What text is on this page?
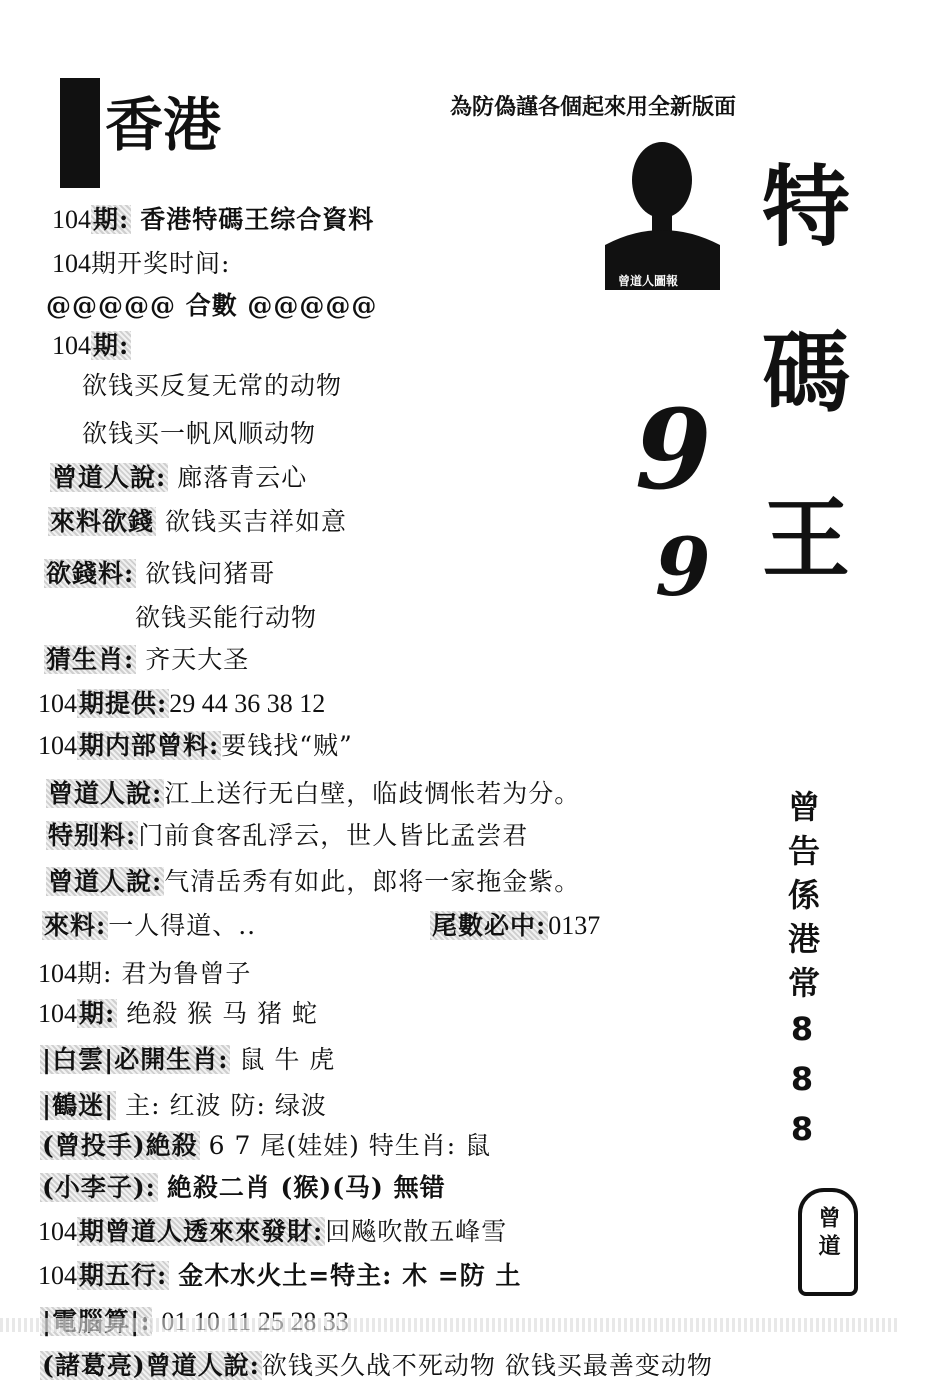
香港	為防偽謹各個起來用全新版面
曾道人圖報
9
9 特碼王
曾告係港常888
曾道
104期: 香港特碼王综合資料
104期开奖时间:
@@@@@ 合數 @@@@@
104期:
欲钱买反复无常的动物
欲钱买一帆风顺动物
曾道人說: 廊落青云心
來料欲錢 欲钱买吉祥如意
欲錢料: 欲钱问猪哥
欲钱买能行动物
猜生肖: 齐天大圣
104期提供:29 44 36 38 12
104期内部曾料:要钱找“贼”
曾道人說:江上送行无白壁，临歧惆怅若为分。
特别料:门前食客乱浮云，世人皆比孟尝君
曾道人說:气清岳秀有如此，郎将一家拖金紫。
來料:一人得道、..	尾數必中:0137
104期: 君为鲁曾子
104期: 绝殺 猴 马 猪 蛇
|白雲|必開生肖: 鼠 牛 虎
|鶴迷| 主: 红波 防: 绿波
(曾投手)絶殺 6 7 尾(娃娃) 特生肖: 鼠
(小李子): 絶殺二肖 (猴)(马) 無错
104期曾道人透來來發財:回飚吹散五峰雪
104期五行: 金木水火土=特主: 木 =防 土
(諸葛亮)曾道人說:欲钱买久战不死动物 欲钱买最善变动物
